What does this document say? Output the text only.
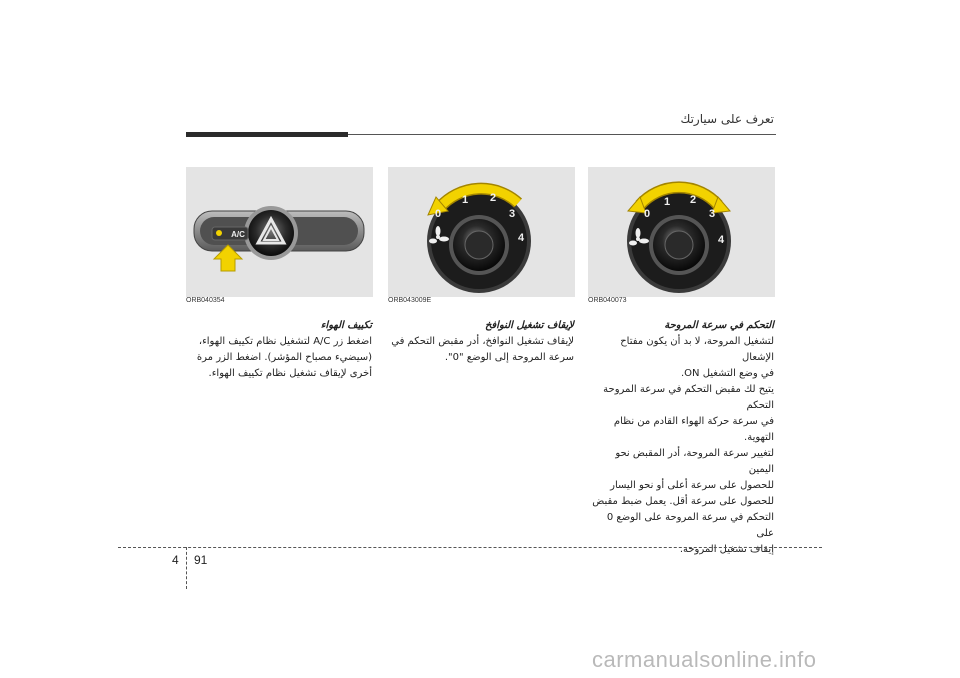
تعرف على سيارتك
A/C
ORB040354
0
1 2
3
4
ORB043009E
0
1 2
3
4
ORB040073

تكييف الهواء

اضغط زر A/C لتشغيل نظام تكييف الهواء،

(سيضيء مصباح المؤشر). اضغط الزر مرة

أخرى لإيقاف تشغيل نظام تكييف الهواء.

لإيقاف تشغيل النوافخ

لإيقاف تشغيل النوافخ، أدر مقبض التحكم في

سرعة المروحة إلى الوضع "0".

التحكم في سرعة المروحة

لتشغيل المروحة، لا بد أن يكون مفتاح الإشعال

في وضع التشغيل ON.

يتيح لك مقبض التحكم في سرعة المروحة التحكم

في سرعة حركة الهواء القادم من نظام التهوية.

لتغيير سرعة المروحة، أدر المقبض نحو اليمين

للحصول على سرعة أعلى أو نحو اليسار

للحصول على سرعة أقل. يعمل ضبط مقبض

التحكم في سرعة المروحة على الوضع 0 على

إيقاف تشغيل المروحة.

4 91
carmanualsonline.info
